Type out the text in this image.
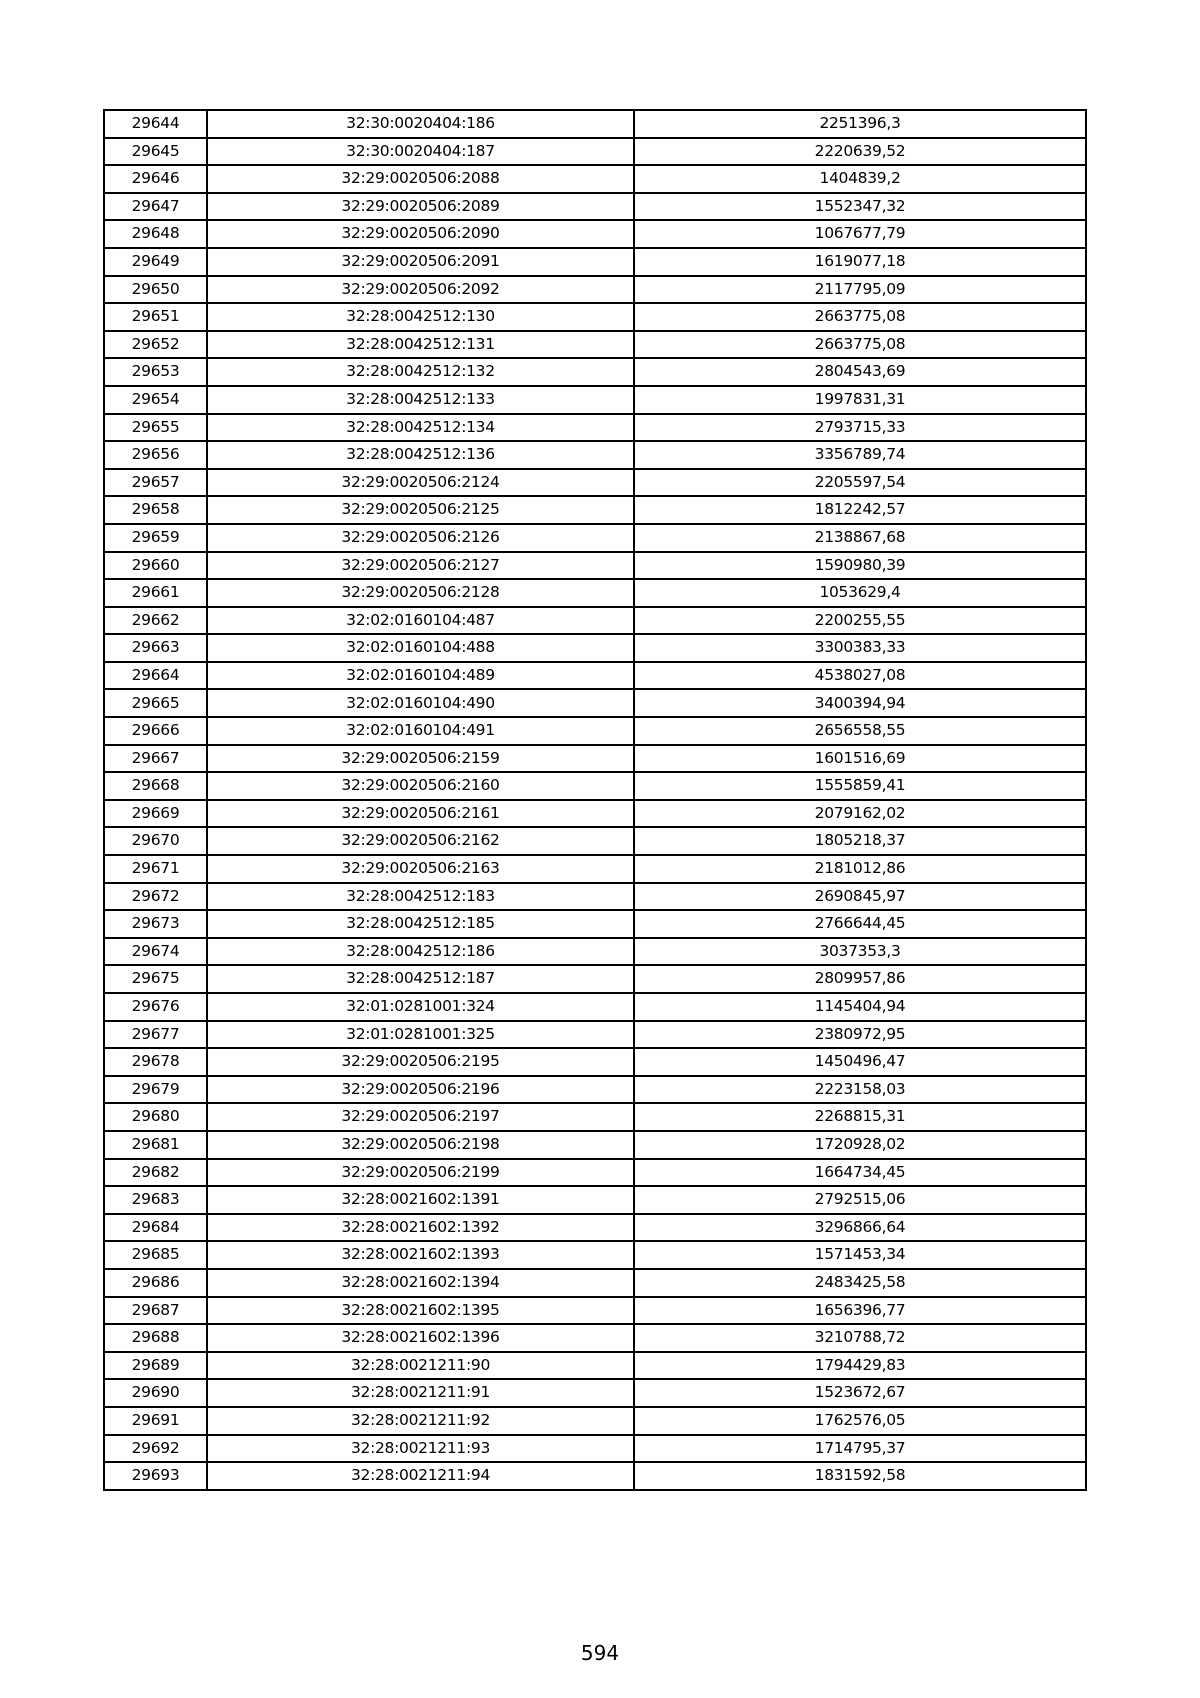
29644	32:30:0020404:186	2251396,3
29645	32:30:0020404:187	2220639,52
29646	32:29:0020506:2088	1404839,2
29647	32:29:0020506:2089	1552347,32
29648	32:29:0020506:2090	1067677,79
29649	32:29:0020506:2091	1619077,18
29650	32:29:0020506:2092	2117795,09
29651	32:28:0042512:130	2663775,08
29652	32:28:0042512:131	2663775,08
29653	32:28:0042512:132	2804543,69
29654	32:28:0042512:133	1997831,31
29655	32:28:0042512:134	2793715,33
29656	32:28:0042512:136	3356789,74
29657	32:29:0020506:2124	2205597,54
29658	32:29:0020506:2125	1812242,57
29659	32:29:0020506:2126	2138867,68
29660	32:29:0020506:2127	1590980,39
29661	32:29:0020506:2128	1053629,4
29662	32:02:0160104:487	2200255,55
29663	32:02:0160104:488	3300383,33
29664	32:02:0160104:489	4538027,08
29665	32:02:0160104:490	3400394,94
29666	32:02:0160104:491	2656558,55
29667	32:29:0020506:2159	1601516,69
29668	32:29:0020506:2160	1555859,41
29669	32:29:0020506:2161	2079162,02
29670	32:29:0020506:2162	1805218,37
29671	32:29:0020506:2163	2181012,86
29672	32:28:0042512:183	2690845,97
29673	32:28:0042512:185	2766644,45
29674	32:28:0042512:186	3037353,3
29675	32:28:0042512:187	2809957,86
29676	32:01:0281001:324	1145404,94
29677	32:01:0281001:325	2380972,95
29678	32:29:0020506:2195	1450496,47
29679	32:29:0020506:2196	2223158,03
29680	32:29:0020506:2197	2268815,31
29681	32:29:0020506:2198	1720928,02
29682	32:29:0020506:2199	1664734,45
29683	32:28:0021602:1391	2792515,06
29684	32:28:0021602:1392	3296866,64
29685	32:28:0021602:1393	1571453,34
29686	32:28:0021602:1394	2483425,58
29687	32:28:0021602:1395	1656396,77
29688	32:28:0021602:1396	3210788,72
29689	32:28:0021211:90	1794429,83
29690	32:28:0021211:91	1523672,67
29691	32:28:0021211:92	1762576,05
29692	32:28:0021211:93	1714795,37
29693	32:28:0021211:94	1831592,58
594
